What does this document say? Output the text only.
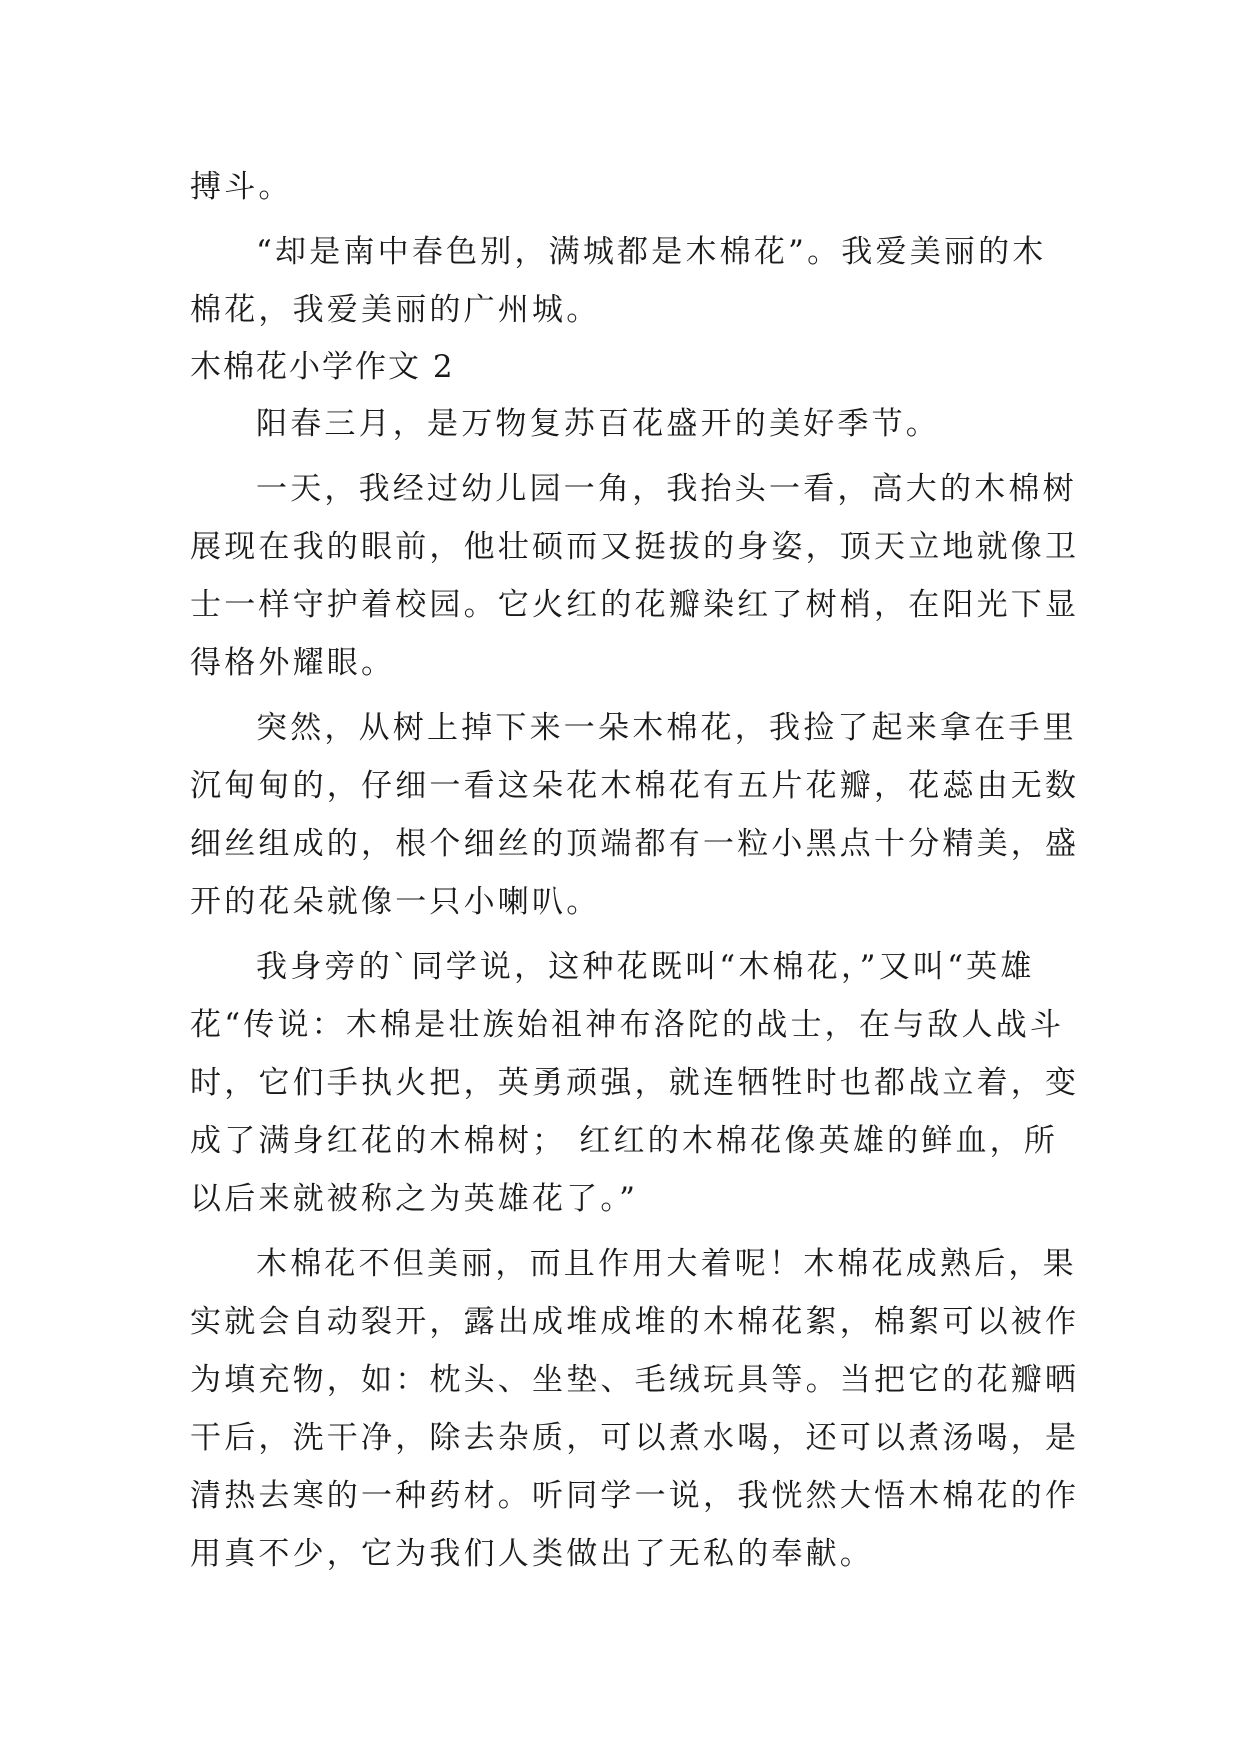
搏斗。
“却是南中春色别，满城都是木棉花”。我爱美丽的木
棉花，我爱美丽的广州城。
木棉花小学作文 2
阳春三月，是万物复苏百花盛开的美好季节。
一天，我经过幼儿园一角，我抬头一看，高大的木棉树
展现在我的眼前，他壮硕而又挺拔的身姿，顶天立地就像卫
士一样守护着校园。它火红的花瓣染红了树梢，在阳光下显
得格外耀眼。
突然，从树上掉下来一朵木棉花，我捡了起来拿在手里
沉甸甸的，仔细一看这朵花木棉花有五片花瓣，花蕊由无数
细丝组成的，根个细丝的顶端都有一粒小黑点十分精美，盛
开的花朵就像一只小喇叭。
我身旁的`同学说，这种花既叫“木棉花，”又叫“英雄
花“传说：木棉是壮族始祖神布洛陀的战士，在与敌人战斗
时，它们手执火把，英勇顽强，就连牺牲时也都战立着，变
成了满身红花的木棉树； 红红的木棉花像英雄的鲜血，所
以后来就被称之为英雄花了。”
木棉花不但美丽，而且作用大着呢！木棉花成熟后，果
实就会自动裂开，露出成堆成堆的木棉花絮，棉絮可以被作
为填充物，如：枕头、坐垫、毛绒玩具等。当把它的花瓣晒
干后，洗干净，除去杂质，可以煮水喝，还可以煮汤喝，是
清热去寒的一种药材。听同学一说，我恍然大悟木棉花的作
用真不少，它为我们人类做出了无私的奉献。
